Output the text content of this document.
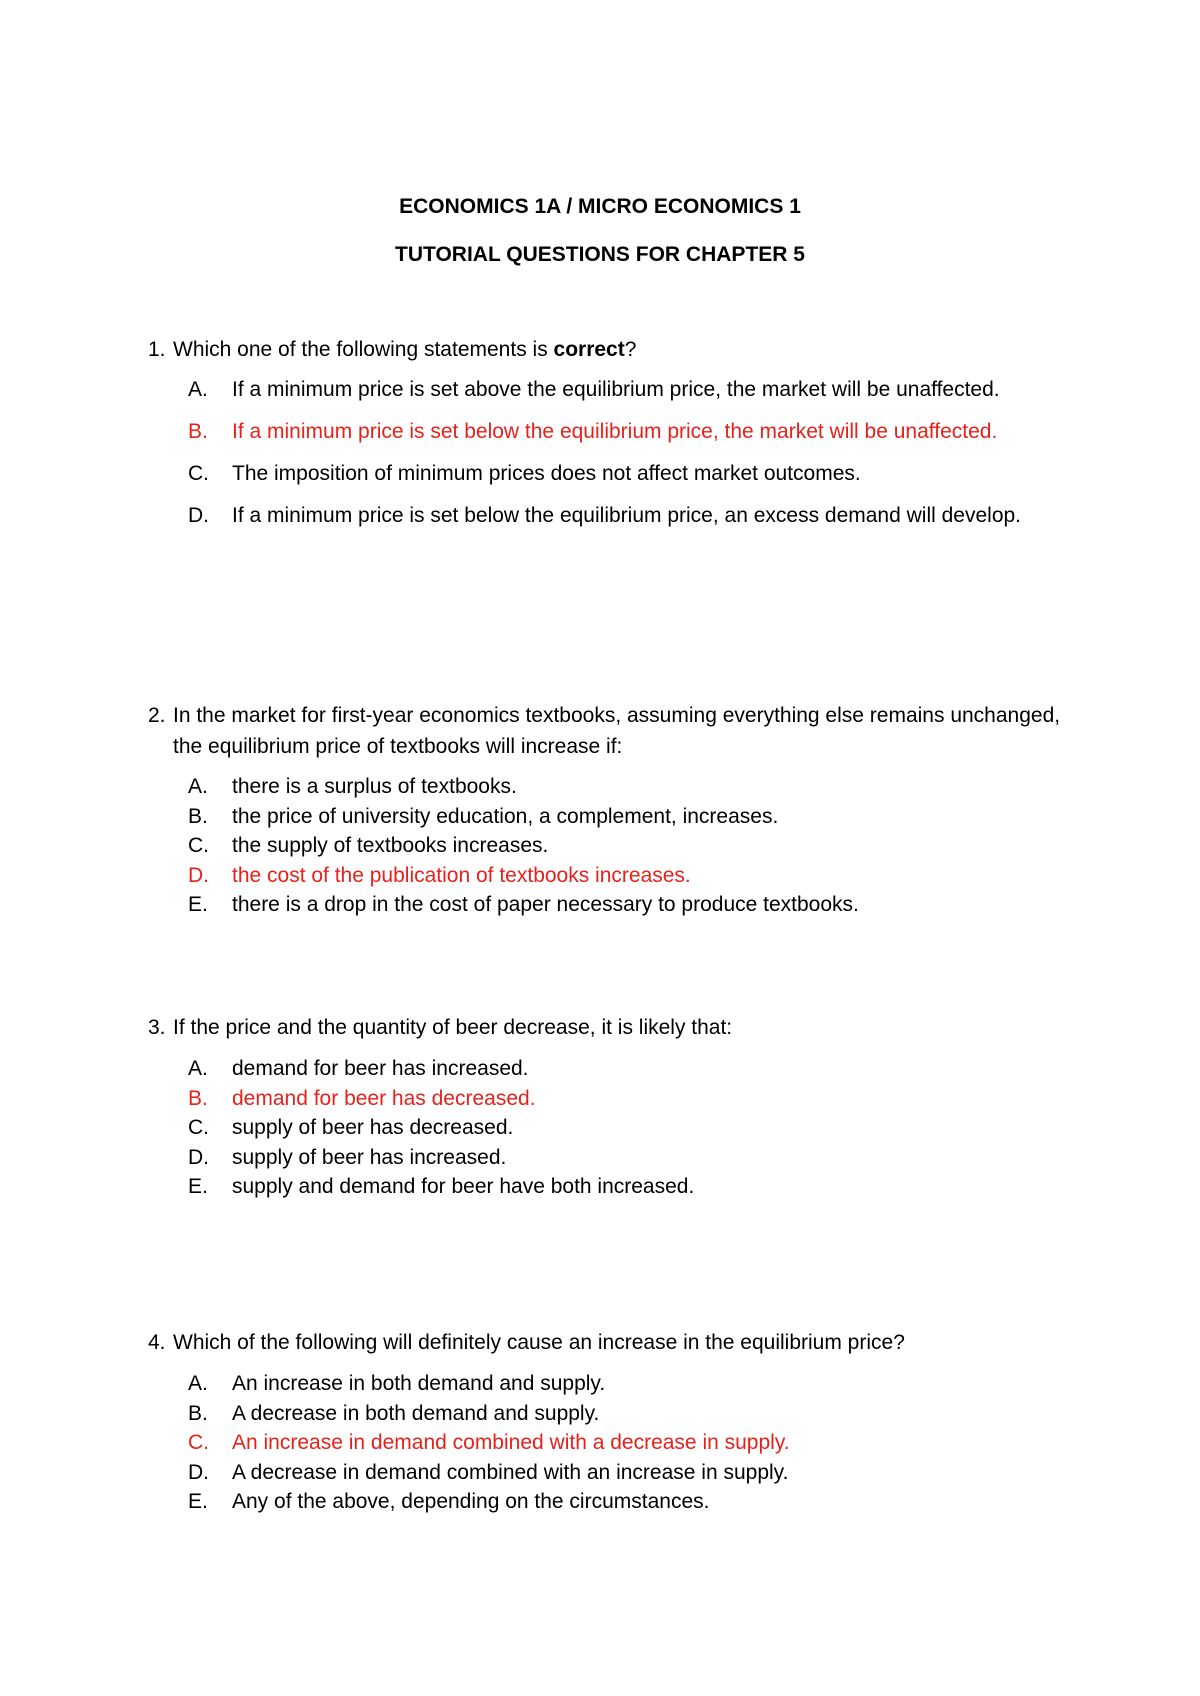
ECONOMICS 1A / MICRO ECONOMICS 1
TUTORIAL QUESTIONS FOR CHAPTER 5

1. Which one of the following statements is correct?

A. If a minimum price is set above the equilibrium price, the market will be unaffected.
B. If a minimum price is set below the equilibrium price, the market will be unaffected.
C. The imposition of minimum prices does not affect market outcomes.
D. If a minimum price is set below the equilibrium price, an excess demand will develop.

2. In the market for first-year economics textbooks, assuming everything else remains unchanged, the equilibrium price of textbooks will increase if:

A. there is a surplus of textbooks.
B. the price of university education, a complement, increases.
C. the supply of textbooks increases.
D. the cost of the publication of textbooks increases.
E. there is a drop in the cost of paper necessary to produce textbooks.

3. If the price and the quantity of beer decrease, it is likely that:

A. demand for beer has increased.
B. demand for beer has decreased.
C. supply of beer has decreased.
D. supply of beer has increased.
E. supply and demand for beer have both increased.

4. Which of the following will definitely cause an increase in the equilibrium price?

A. An increase in both demand and supply.
B. A decrease in both demand and supply.
C. An increase in demand combined with a decrease in supply.
D. A decrease in demand combined with an increase in supply.
E. Any of the above, depending on the circumstances.
